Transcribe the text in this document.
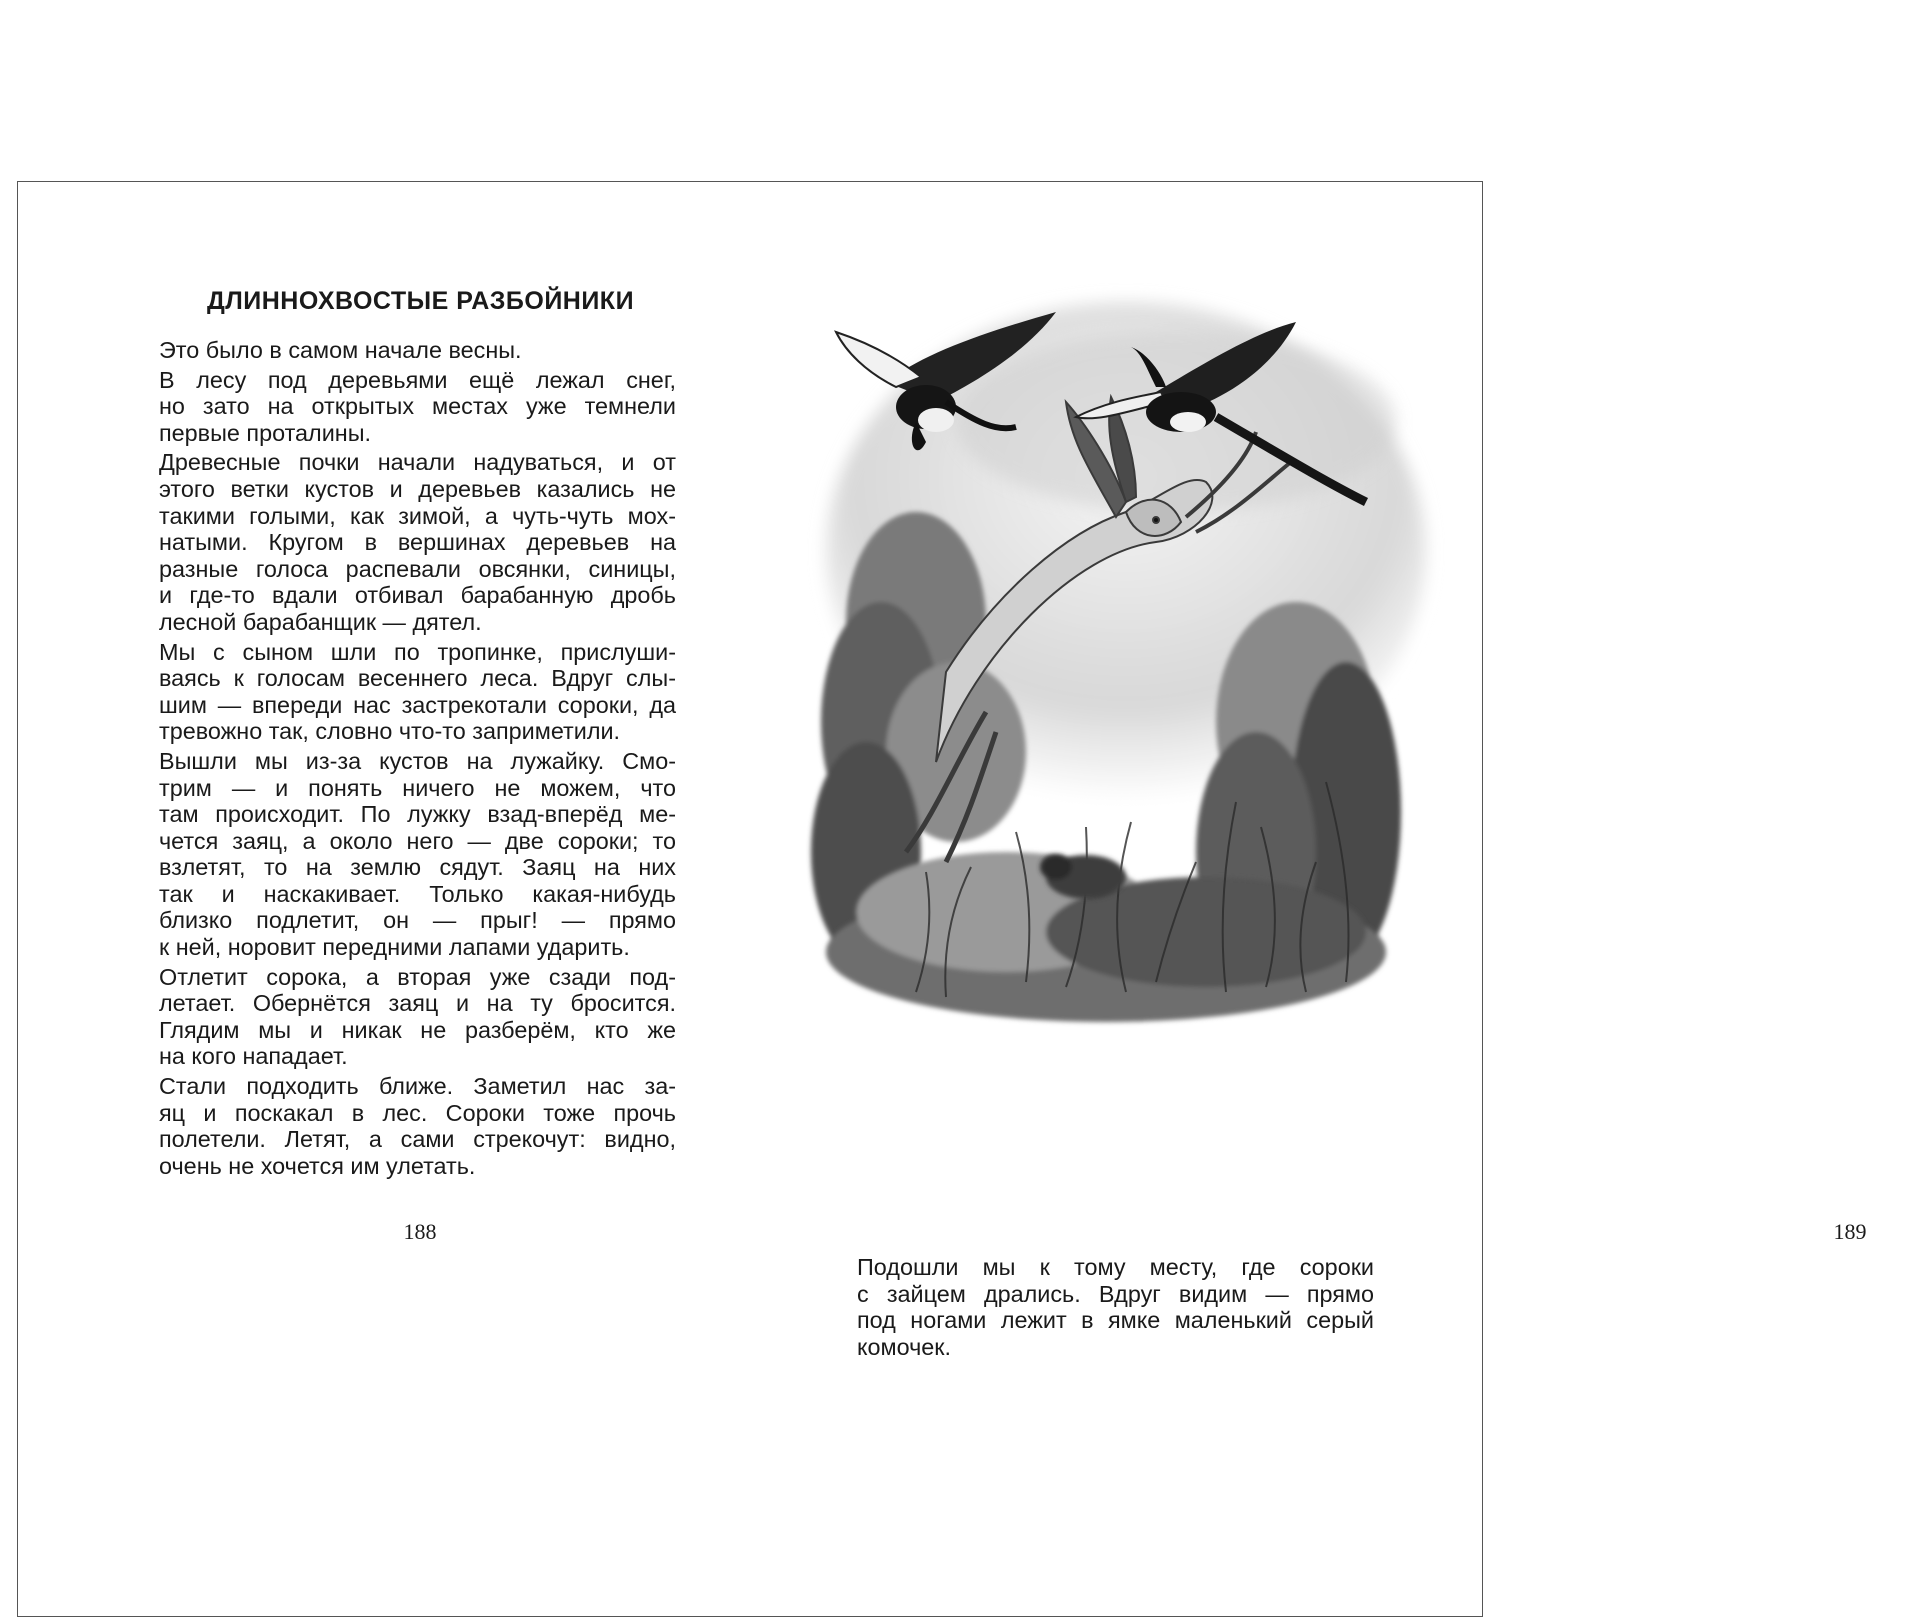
ДЛИННОХВОСТЫЕ РАЗБОЙНИКИ

Это было в самом начале весны.

В лесу под деревьями ещё лежал снег,
но зато на открытых местах уже темнели
первые проталины.

Древесные почки начали надуваться, и от
этого ветки кустов и деревьев казались не
такими голыми, как зимой, а чуть-чуть мох-
натыми. Кругом в вершинах деревьев на
разные голоса распевали овсянки, синицы,
и где-то вдали отбивал барабанную дробь
лесной барабанщик — дятел.

Мы с сыном шли по тропинке, прислуши-
ваясь к голосам весеннего леса. Вдруг слы-
шим — впереди нас застрекотали сороки, да
тревожно так, словно что-то заприметили.

Вышли мы из-за кустов на лужайку. Смо-
трим — и понять ничего не можем, что
там происходит. По лужку взад-вперёд ме-
чется заяц, а около него — две сороки; то
взлетят, то на землю сядут. Заяц на них
так и наскакивает. Только какая-нибудь
близко подлетит, он — прыг! — прямо
к ней, норовит передними лапами ударить.

Отлетит сорока, а вторая уже сзади под-
летает. Обернётся заяц и на ту бросится.
Глядим мы и никак не разберём, кто же
на кого нападает.

Стали подходить ближе. Заметил нас за-
яц и поскакал в лес. Сороки тоже прочь
полетели. Летят, а сами стрекочут: видно,
очень не хочется им улетать.

188	189

Подошли мы к тому месту, где сороки
с зайцем дрались. Вдруг видим — прямо
под ногами лежит в ямке маленький серый
комочек.
